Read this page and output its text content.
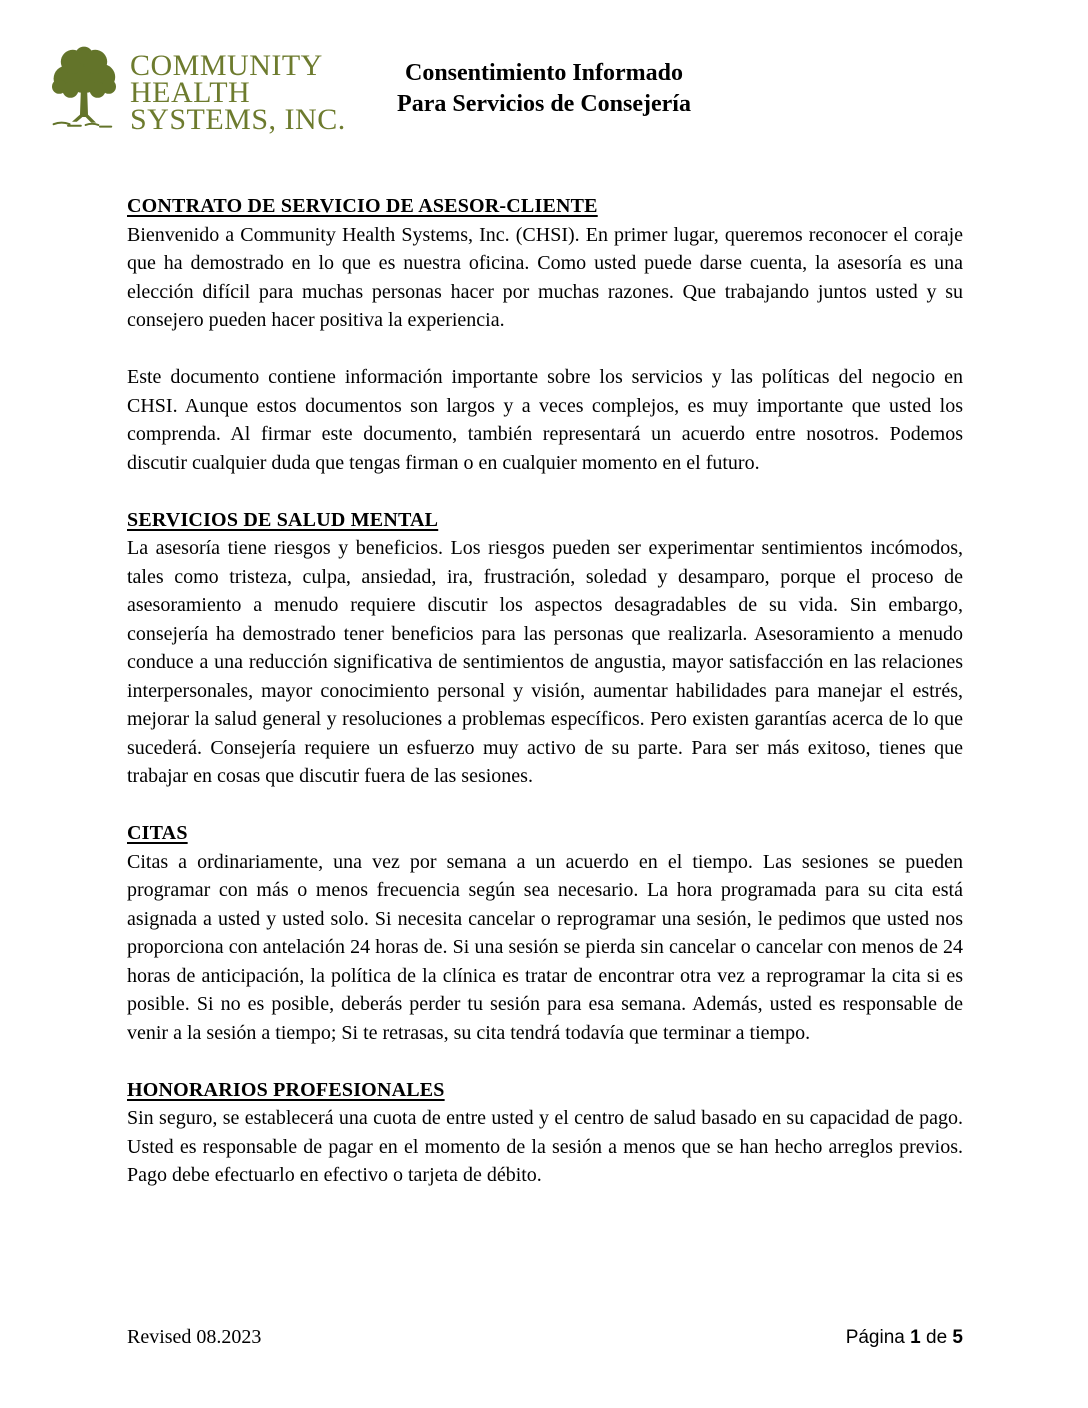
COMMUNITY
HEALTH
SYSTEMS, INC.
Consentimiento Informado
Para Servicios de Consejería
CONTRATO DE SERVICIO DE ASESOR-CLIENTE

Bienvenido a Community Health Systems, Inc. (CHSI). En primer lugar, queremos reconocer el coraje que ha demostrado en lo que es nuestra oficina. Como usted puede darse cuenta, la asesoría es una elección difícil para muchas personas hacer por muchas razones. Que trabajando juntos usted y su consejero pueden hacer positiva la experiencia.

Este documento contiene información importante sobre los servicios y las políticas del negocio en CHSI. Aunque estos documentos son largos y a veces complejos, es muy importante que usted los comprenda. Al firmar este documento, también representará un acuerdo entre nosotros. Podemos discutir cualquier duda que tengas firman o en cualquier momento en el futuro.

SERVICIOS DE SALUD MENTAL

La asesoría tiene riesgos y beneficios. Los riesgos pueden ser experimentar sentimientos incómodos, tales como tristeza, culpa, ansiedad, ira, frustración, soledad y desamparo, porque el proceso de asesoramiento a menudo requiere discutir los aspectos desagradables de su vida. Sin embargo, consejería ha demostrado tener beneficios para las personas que realizarla. Asesoramiento a menudo conduce a una reducción significativa de sentimientos de angustia, mayor satisfacción en las relaciones interpersonales, mayor conocimiento personal y visión, aumentar habilidades para manejar el estrés, mejorar la salud general y resoluciones a problemas específicos. Pero existen garantías acerca de lo que sucederá. Consejería requiere un esfuerzo muy activo de su parte. Para ser más exitoso, tienes que trabajar en cosas que discutir fuera de las sesiones.

CITAS

Citas a ordinariamente, una vez por semana a un acuerdo en el tiempo. Las sesiones se pueden programar con más o menos frecuencia según sea necesario. La hora programada para su cita está asignada a usted y usted solo. Si necesita cancelar o reprogramar una sesión, le pedimos que usted nos proporciona con antelación 24 horas de. Si una sesión se pierda sin cancelar o cancelar con menos de 24 horas de anticipación, la política de la clínica es tratar de encontrar otra vez a reprogramar la cita si es posible. Si no es posible, deberás perder tu sesión para esa semana. Además, usted es responsable de venir a la sesión a tiempo; Si te retrasas, su cita tendrá todavía que terminar a tiempo.

HONORARIOS PROFESIONALES

Sin seguro, se establecerá una cuota de entre usted y el centro de salud basado en su capacidad de pago. Usted es responsable de pagar en el momento de la sesión a menos que se han hecho arreglos previos. Pago debe efectuarlo en efectivo o tarjeta de débito.

Revised 08.2023	Página 1 de 5
